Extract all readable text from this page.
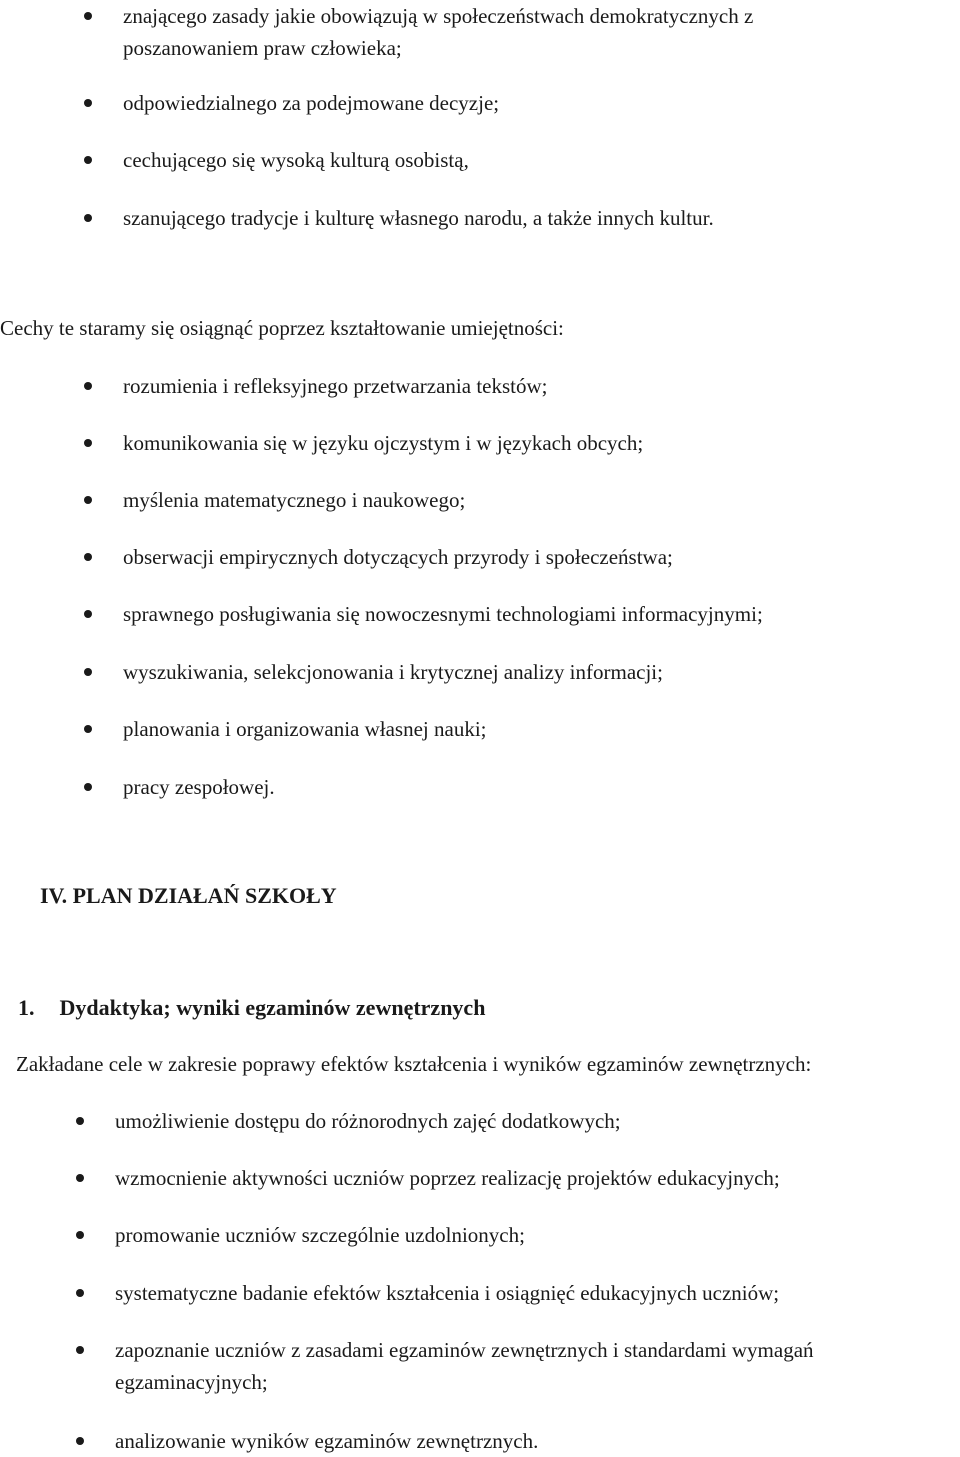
znającego zasady jakie obowiązują w społeczeństwach demokratycznych z poszanowaniem praw człowieka;
odpowiedzialnego za podejmowane decyzje;
cechującego się wysoką kulturą osobistą,
szanującego tradycje i kulturę własnego narodu, a także innych kultur.

Cechy te staramy się osiągnąć poprzez kształtowanie umiejętności:

rozumienia i refleksyjnego przetwarzania tekstów;
komunikowania się w języku ojczystym i w językach obcych;
myślenia matematycznego i naukowego;
obserwacji empirycznych dotyczących przyrody i społeczeństwa;
sprawnego posługiwania się nowoczesnymi technologiami informacyjnymi;
wyszukiwania, selekcjonowania i krytycznej analizy informacji;
planowania i organizowania własnej nauki;
pracy zespołowej.
IV. PLAN DZIAŁAŃ SZKOŁY
1. Dydaktyka; wyniki egzaminów zewnętrznych

Zakładane cele w zakresie poprawy efektów kształcenia i wyników egzaminów zewnętrznych:

umożliwienie dostępu do różnorodnych zajęć dodatkowych;
wzmocnienie aktywności uczniów poprzez realizację projektów edukacyjnych;
promowanie uczniów szczególnie uzdolnionych;
systematyczne badanie efektów kształcenia i osiągnięć edukacyjnych uczniów;
zapoznanie uczniów z zasadami egzaminów zewnętrznych i standardami wymagań egzaminacyjnych;
analizowanie wyników egzaminów zewnętrznych.
